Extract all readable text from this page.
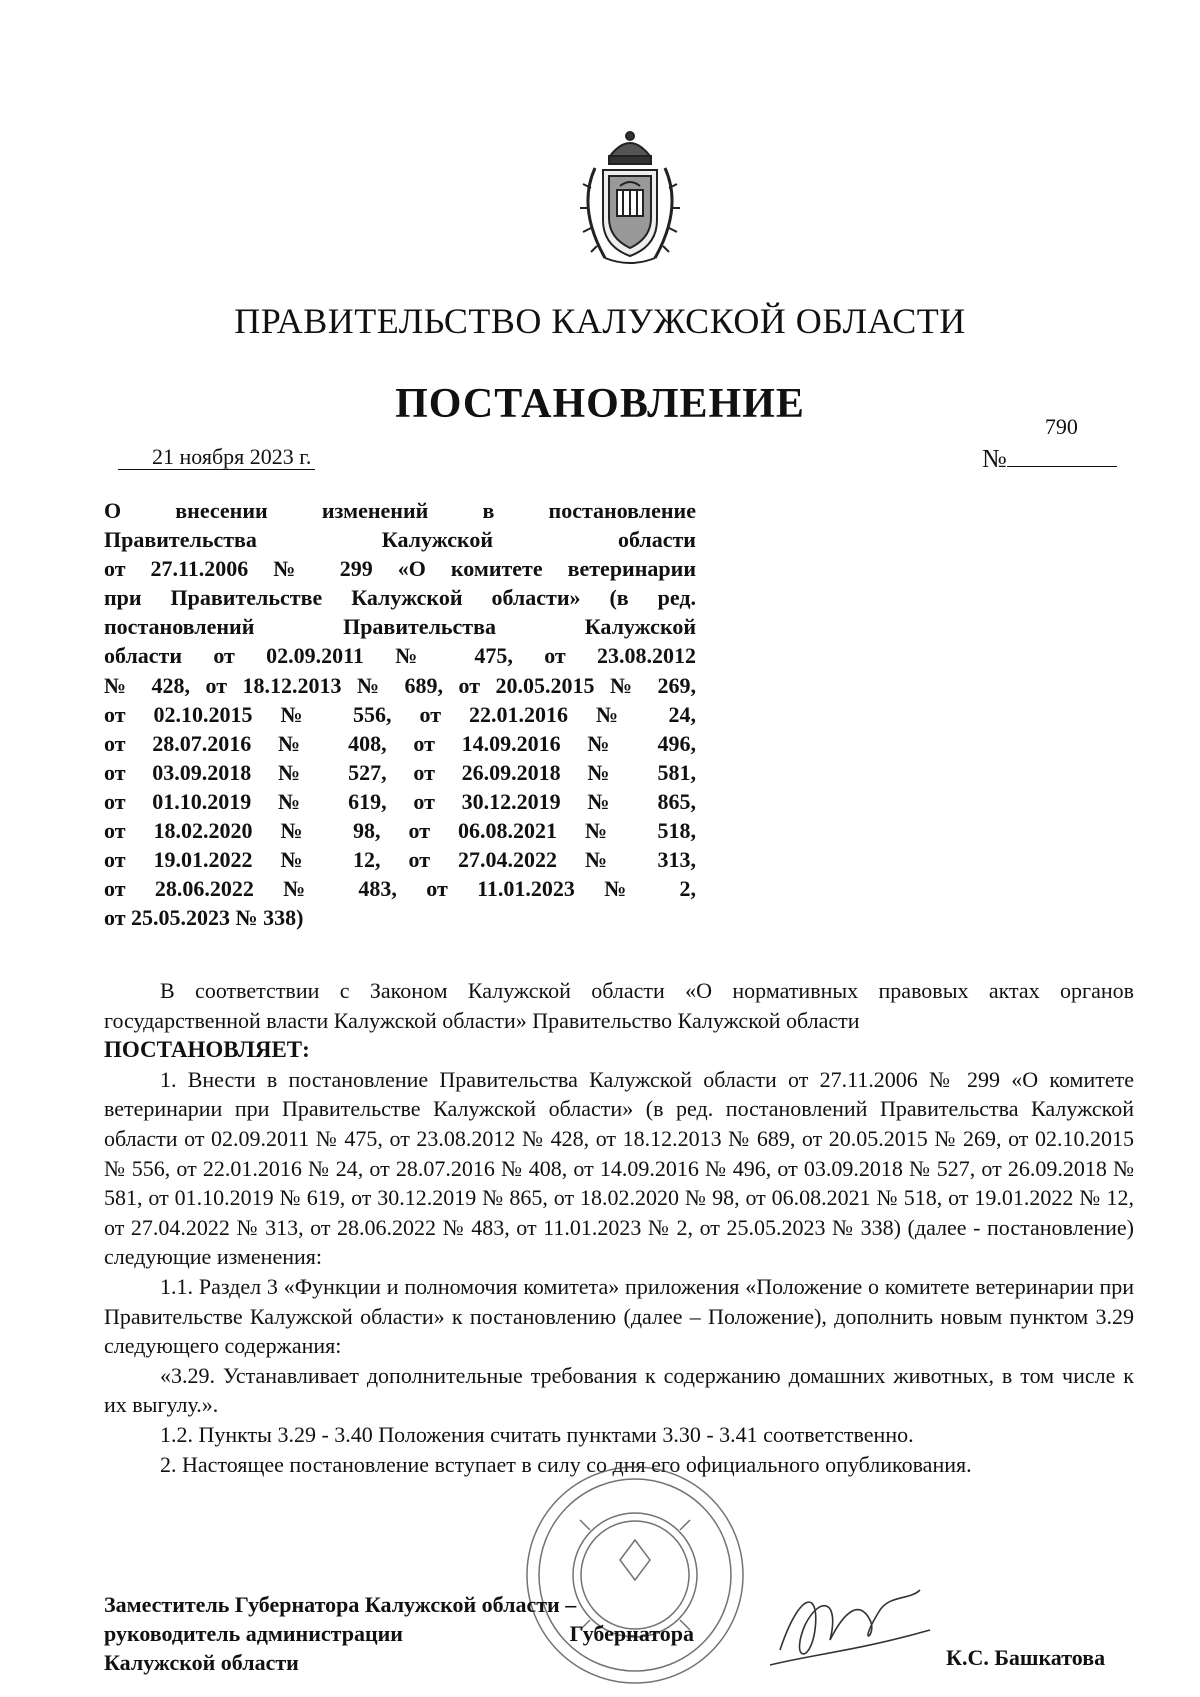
ПРАВИТЕЛЬСТВО КАЛУЖСКОЙ ОБЛАСТИ
ПОСТАНОВЛЕНИЕ
21 ноября 2023 г.	№
790
О внесении изменений в постановление
Правительства Калужской области
от 27.11.2006 № 299 «О комитете ветеринарии
при Правительстве Калужской области» (в ред.
постановлений Правительства Калужской
области от 02.09.2011 № 475, от 23.08.2012
№ 428, от 18.12.2013 № 689, от 20.05.2015 № 269,
от 02.10.2015 № 556, от 22.01.2016 № 24,
от 28.07.2016 № 408, от 14.09.2016 № 496,
от 03.09.2018 № 527, от 26.09.2018 № 581,
от 01.10.2019 № 619, от 30.12.2019 № 865,
от 18.02.2020 № 98, от 06.08.2021 № 518,
от 19.01.2022 № 12, от 27.04.2022 № 313,
от 28.06.2022 № 483, от 11.01.2023 № 2,
от 25.05.2023 № 338)

В соответствии с Законом Калужской области «О нормативных правовых актах органов государственной власти Калужской области» Правительство Калужской области

ПОСТАНОВЛЯЕТ:

1. Внести в постановление Правительства Калужской области от 27.11.2006 № 299 «О комитете ветеринарии при Правительстве Калужской области» (в ред. постановлений Правительства Калужской области от 02.09.2011 № 475, от 23.08.2012 № 428, от 18.12.2013 № 689, от 20.05.2015 № 269, от 02.10.2015 № 556, от 22.01.2016 № 24, от 28.07.2016 № 408, от 14.09.2016 № 496, от 03.09.2018 № 527, от 26.09.2018 № 581, от 01.10.2019 № 619, от 30.12.2019 № 865, от 18.02.2020 № 98, от 06.08.2021 № 518, от 19.01.2022 № 12, от 27.04.2022 № 313, от 28.06.2022 № 483, от 11.01.2023 № 2, от 25.05.2023 № 338) (далее - постановление) следующие изменения:

1.1. Раздел 3 «Функции и полномочия комитета» приложения «Положение о комитете ветеринарии при Правительстве Калужской области» к постановлению (далее – Положение), дополнить новым пунктом 3.29 следующего содержания:

«3.29. Устанавливает дополнительные требования к содержанию домашних животных, в том числе к их выгулу.».

1.2. Пункты 3.29 - 3.40 Положения считать пунктами 3.30 - 3.41 соответственно.

2. Настоящее постановление вступает в силу со дня его официального опубликования.

Заместитель Губернатора Калужской области –
руководитель администрации	Губернатора
Калужской области	К.С. Башкатова
